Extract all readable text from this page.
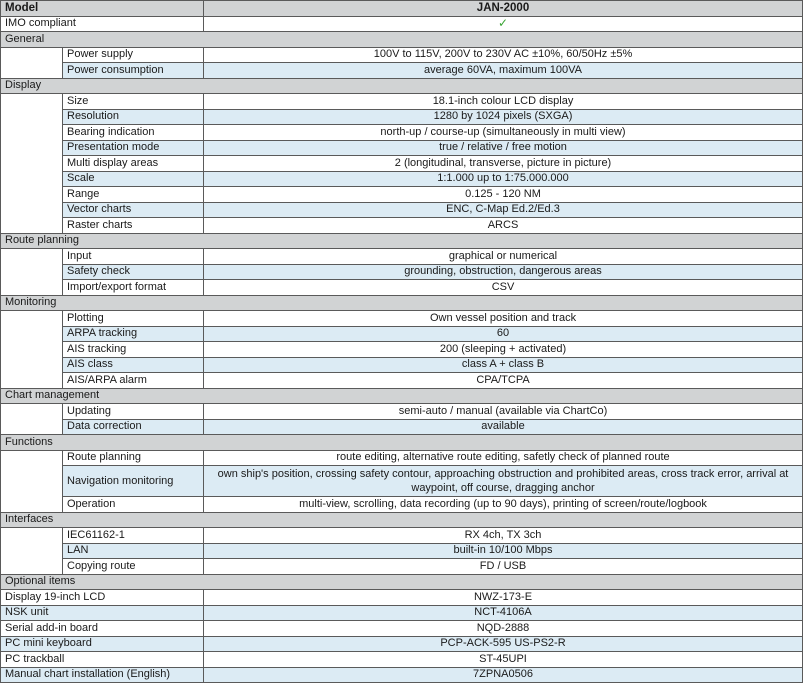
Model		JAN-2000
IMO compliant		✓
General		
	Power supply	100V to 115V, 200V to 230V AC ±10%, 60/50Hz ±5%
	Power consumption	average 60VA, maximum 100VA
Display		
	Size	18.1-inch colour LCD display
	Resolution	1280 by 1024 pixels (SXGA)
	Bearing indication	north-up / course-up (simultaneously in multi view)
	Presentation mode	true / relative / free motion
	Multi display areas	2 (longitudinal, transverse, picture in picture)
	Scale	1:1.000 up to 1:75.000.000
	Range	0.125 - 120 NM
	Vector charts	ENC, C-Map Ed.2/Ed.3
	Raster charts	ARCS
Route planning		
	Input	graphical or numerical
	Safety check	grounding, obstruction, dangerous areas
	Import/export format	CSV
Monitoring		
	Plotting	Own vessel position and track
	ARPA tracking	60
	AIS tracking	200 (sleeping + activated)
	AIS class	class A + class B
	AIS/ARPA alarm	CPA/TCPA
Chart management		
	Updating	semi-auto / manual (available via ChartCo)
	Data correction	available
Functions		
	Route planning	route editing, alternative route editing, safetly check of planned route
	Navigation monitoring	own ship's position, crossing safety contour, approaching obstruction and prohibited areas, cross track error, arrival at waypoint, off course, dragging anchor
	Operation	multi-view, scrolling, data recording (up to 90 days), printing of screen/route/logbook
Interfaces		
	IEC61162-1	RX 4ch, TX 3ch
	LAN	built-in 10/100 Mbps
	Copying route	FD / USB
Optional items		
Display 19-inch LCD		NWZ-173-E
NSK unit		NCT-4106A
Serial add-in board		NQD-2888
PC mini keyboard		PCP-ACK-595 US-PS2-R
PC trackball		ST-45UPI
Manual chart installation (English)		7ZPNA0506
